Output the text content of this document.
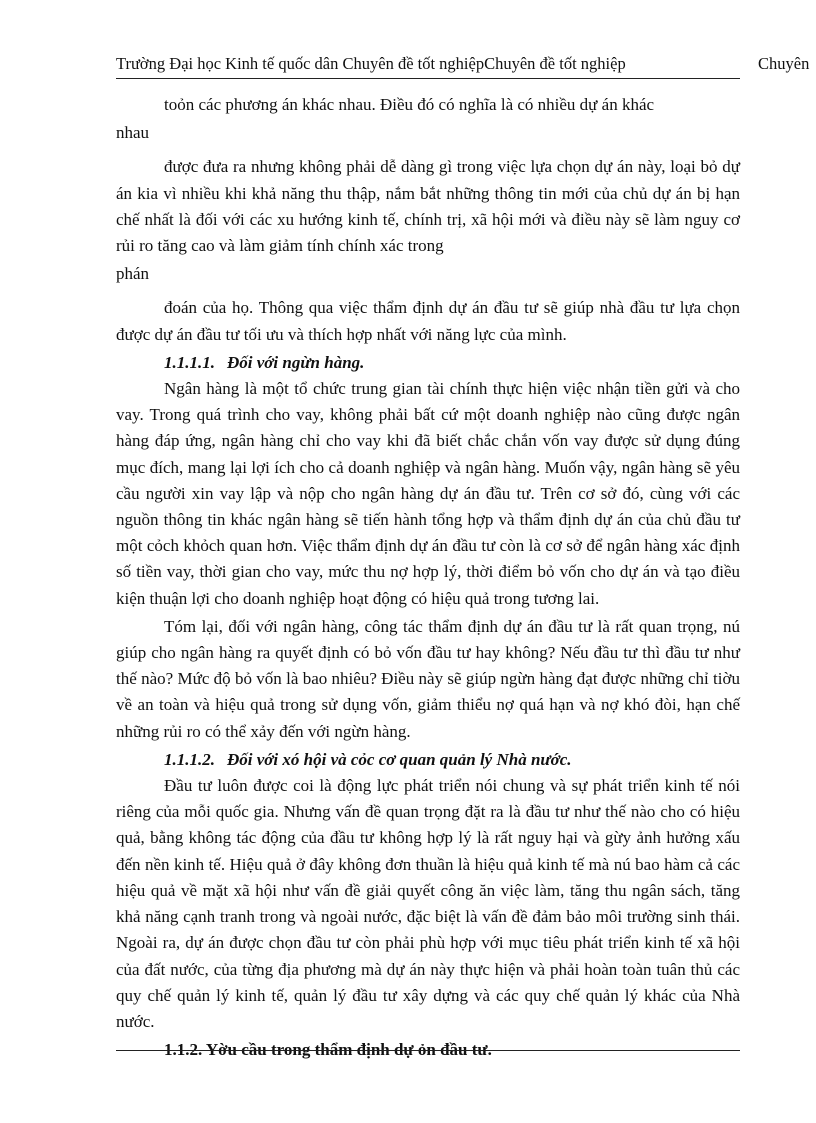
Trường Đại học Kinh tế quốc dân Chuyên đề tốt nghiệpChuyên đề tốt nghiệp	Chuyên

toỏn các phương án khác nhau. Điều đó có nghĩa là có nhiều dự án khác

nhau

được đưa ra nhưng không phải dễ dàng gì trong việc lựa chọn dự án này, loại bỏ dự án kia vì nhiều khi khả năng thu thập, nắm bắt những thông tin mới của chủ dự án bị hạn chế nhất là đối với các xu hướng kinh tế, chính trị, xã hội mới và điều này sẽ làm nguy cơ rủi ro tăng cao và làm giảm tính chính xác trong

phán

đoán của họ. Thông qua việc thẩm định dự án đầu tư sẽ giúp nhà đầu tư lựa chọn được dự án đầu tư tối ưu và thích hợp nhất với năng lực của mình.

1.1.1.1. Đối với ngừn hàng.

Ngân hàng là một tổ chức trung gian tài chính thực hiện việc nhận tiền gửi và cho vay. Trong quá trình cho vay, không phải bất cứ một doanh nghiệp nào cũng được ngân hàng đáp ứng, ngân hàng chỉ cho vay khi đã biết chắc chắn vốn vay được sử dụng đúng mục đích, mang lại lợi ích cho cả doanh nghiệp và ngân hàng. Muốn vậy, ngân hàng sẽ yêu cầu người xin vay lập và nộp cho ngân hàng dự án đầu tư. Trên cơ sở đó, cùng với các nguồn thông tin khác ngân hàng sẽ tiến hành tổng hợp và thẩm định dự án của chủ đầu tư một cỏch khỏch quan hơn. Việc thẩm định dự án đầu tư còn là cơ sở để ngân hàng xác định số tiền vay, thời gian cho vay, mức thu nợ hợp lý, thời điểm bỏ vốn cho dự án và tạo điều kiện thuận lợi cho doanh nghiệp hoạt động có hiệu quả trong tương lai.

Tóm lại, đối với ngân hàng, công tác thẩm định dự án đầu tư là rất quan trọng, nú giúp cho ngân hàng ra quyết định có bỏ vốn đầu tư hay không? Nếu đầu tư thì đầu tư như thế nào? Mức độ bỏ vốn là bao nhiêu? Điều này sẽ giúp ngừn hàng đạt được những chỉ tiờu về an toàn và hiệu quả trong sử dụng vốn, giảm thiểu nợ quá hạn và nợ khó đòi, hạn chế những rủi ro có thể xảy đến với ngừn hàng.

1.1.1.2. Đối với xó hội và cỏc cơ quan quản lý Nhà nước.

Đầu tư luôn được coi là động lực phát triển nói chung và sự phát triển kinh tế nói riêng của mỗi quốc gia. Nhưng vấn đề quan trọng đặt ra là đầu tư như thế nào cho có hiệu quả, bằng không tác động của đầu tư không hợp lý là rất nguy hại và gừy ảnh hưởng xấu đến nền kinh tế. Hiệu quả ở đây không đơn thuần là hiệu quả kinh tế mà nú bao hàm cả các hiệu quả về mặt xã hội như vấn đề giải quyết công ăn việc làm, tăng thu ngân sách, tăng khả năng cạnh tranh trong và ngoài nước, đặc biệt là vấn đề đảm bảo môi trường sinh thái. Ngoài ra, dự án được chọn đầu tư còn phải phù hợp với mục tiêu phát triển kinh tế xã hội của đất nước, của từng địa phương mà dự án này thực hiện và phải hoàn toàn tuân thủ các quy chế quản lý kinh tế, quản lý đầu tư xây dựng và các quy chế quản lý khác của Nhà nước.

1.1.2. Yờu cầu trong thẩm định dự ỏn đầu tư.
